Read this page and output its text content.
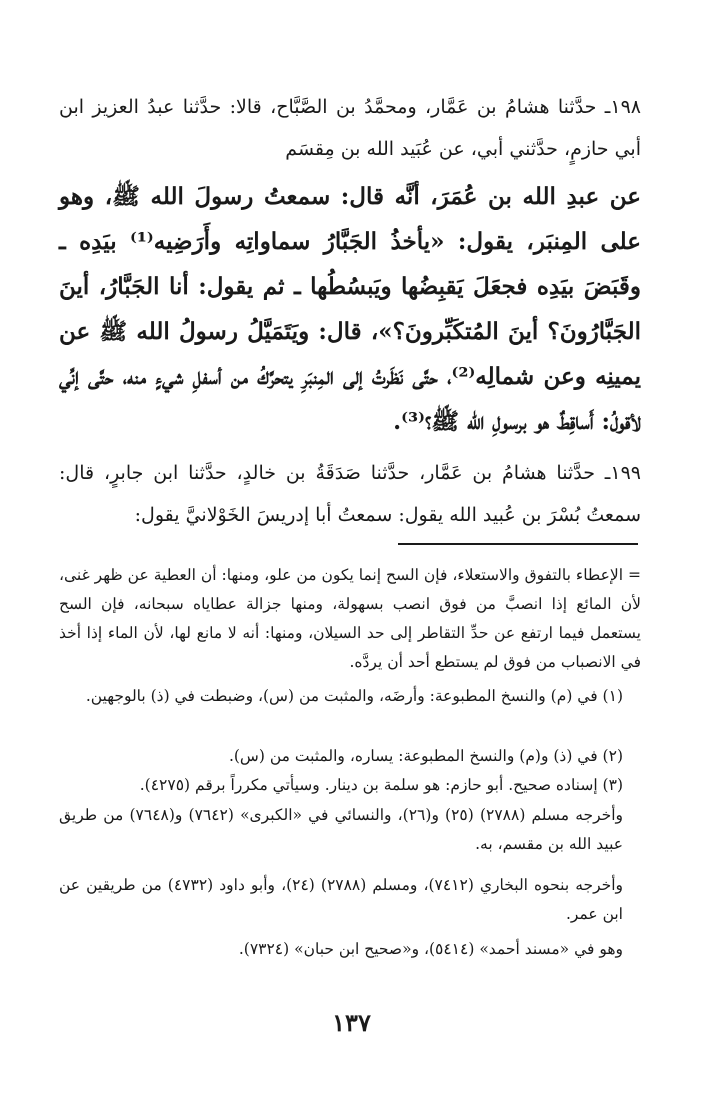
١٩٨ـ حدَّثنا هشامُ بن عَمَّار، ومحمَّدُ بن الصَّبَّاح، قالا: حدَّثنا عبدُ العزيز ابن أبي حازمٍ، حدَّثني أبي، عن عُبَيد الله بن مِقسَم

عن عبدِ الله بن عُمَرَ، أنَّه قال: سمعتُ رسولَ الله ﷺ، وهو على المِنبَر، يقول: «يأخذُ الجَبَّارُ سماواتِه وأَرَضِيه⁽¹⁾ بيَدِه ـ وقَبَضَ بيَدِه فجعَلَ يَقبِضُها ويَبسُطُها ـ ثم يقول: أنا الجَبَّارُ، أينَ الجَبَّارُونَ؟ أينَ المُتكَبِّرونَ؟»، قال: ويَتَمَيَّلُ رسولُ الله ﷺ عن يمينِه وعن شمالِه⁽²⁾، حتَّى نَظَرتُ إلى المِنبَرِ يتحرَّكُ من أسفلِ شيءٍ منه، حتَّى إنِّي لأقولُ: أَساقِطٌ هو برسولِ الله ﷺ؟⁽³⁾.

١٩٩ـ حدَّثنا هشامُ بن عَمَّار، حدَّثنا صَدَقَةُ بن خالدٍ، حدَّثنا ابن جابرٍ، قال: سمعتُ بُسْرَ بن عُبيد الله يقول: سمعتُ أبا إدريسَ الخَوْلانيَّ يقول:

= الإعطاء بالتفوق والاستعلاء، فإن السح إنما يكون من علو، ومنها: أن العطية عن ظهر غنى، لأن المائع إذا انصبَّ من فوق انصب بسهولة، ومنها جزالة عطاياه سبحانه، فإن السح يستعمل فيما ارتفع عن حدِّ التقاطر إلى حد السيلان، ومنها: أنه لا مانع لها، لأن الماء إذا أخذ في الانصباب من فوق لم يستطع أحد أن يردَّه.

(١) في (م) والنسخ المطبوعة: وأرضَه، والمثبت من (س)، وضبطت في (ذ) بالوجهين.

(٢) في (ذ) و(م) والنسخ المطبوعة: يساره، والمثبت من (س).

(٣) إسناده صحيح. أبو حازم: هو سلمة بن دينار. وسيأتي مكرراً برقم (٤٢٧٥).

وأخرجه مسلم (٢٧٨٨) (٢٥) و(٢٦)، والنسائي في «الكبرى» (٧٦٤٢) و(٧٦٤٨) من طريق عبيد الله بن مقسم، به.

وأخرجه بنحوه البخاري (٧٤١٢)، ومسلم (٢٧٨٨) (٢٤)، وأبو داود (٤٧٣٢) من طريقين عن ابن عمر.

وهو في «مسند أحمد» (٥٤١٤)، و«صحيح ابن حبان» (٧٣٢٤).

١٣٧
